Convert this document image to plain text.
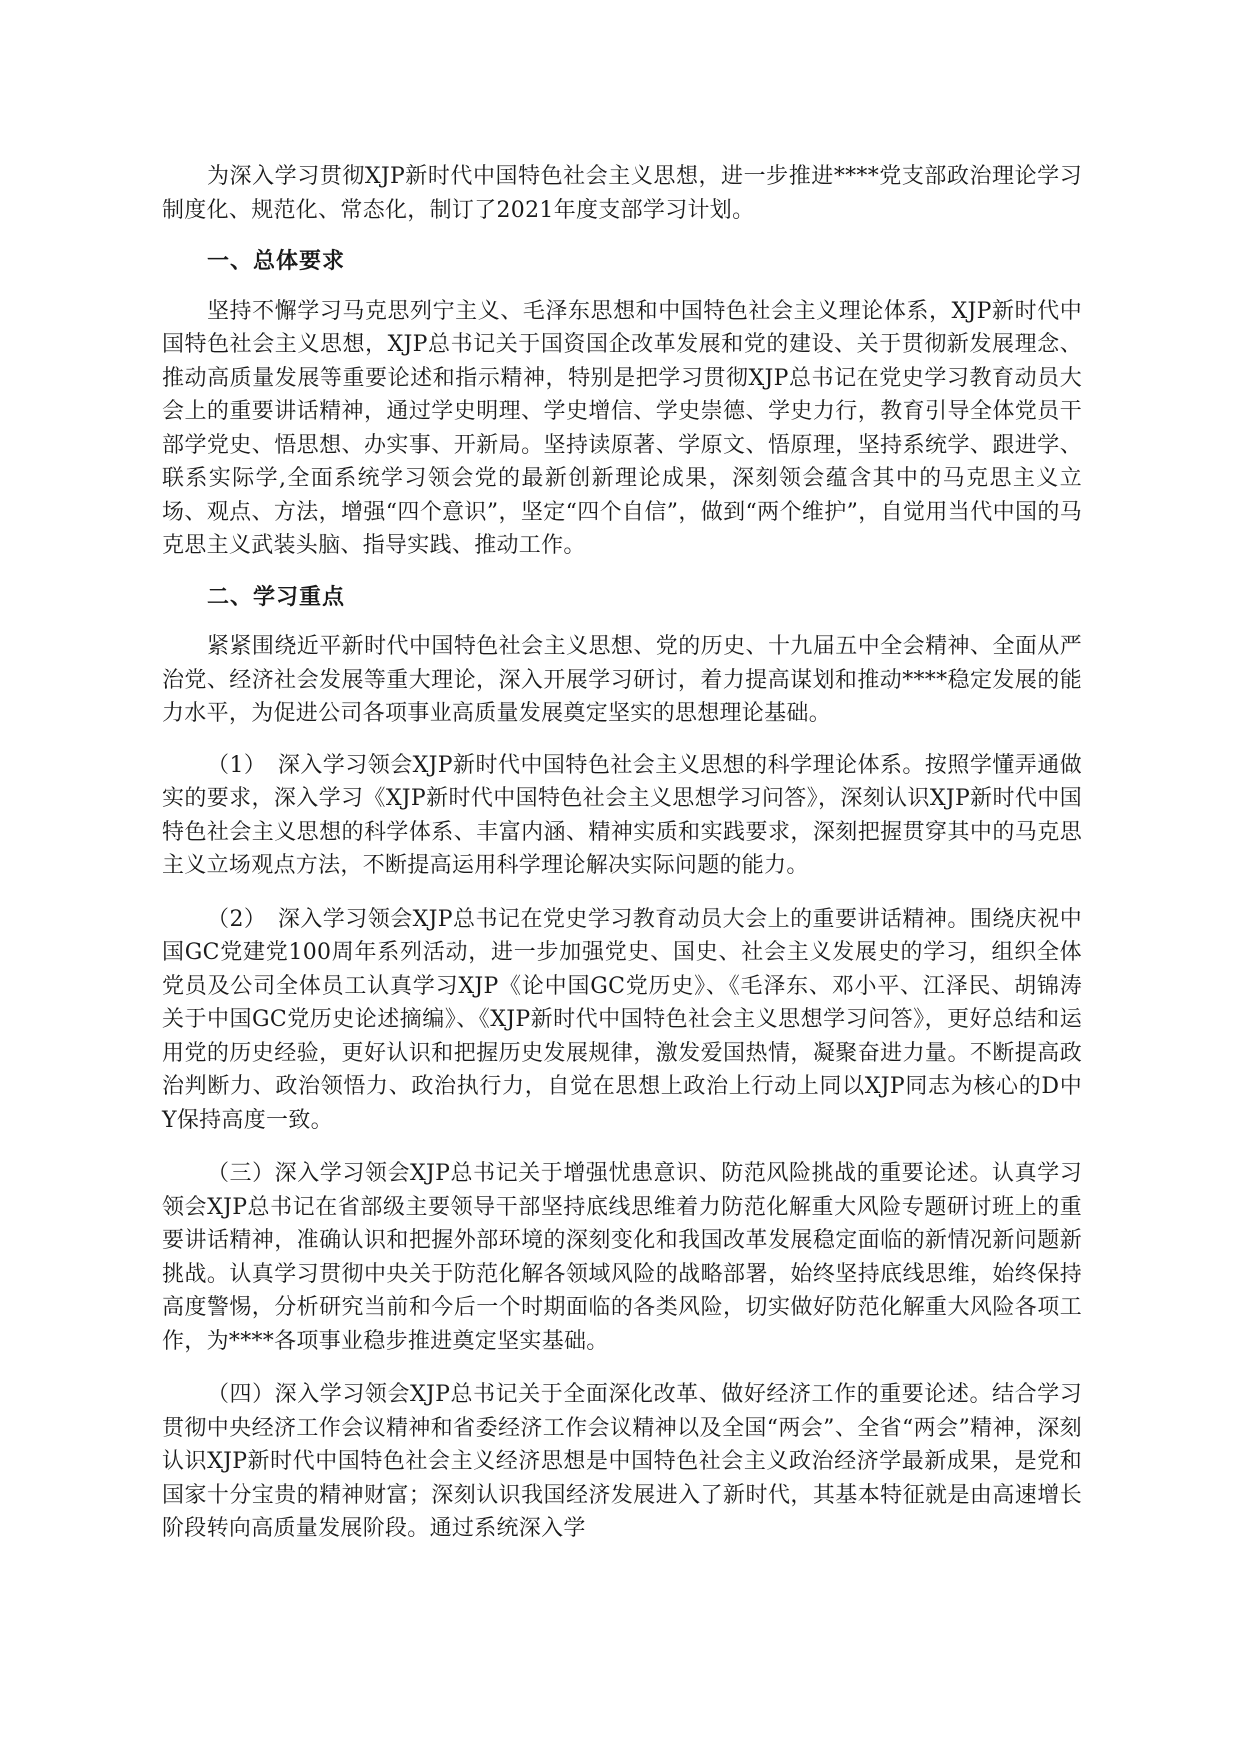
为深入学习贯彻XJP新时代中国特色社会主义思想，进一步推进****党支部政治理论学习制度化、规范化、常态化，制订了2021年度支部学习计划。

一、总体要求

坚持不懈学习马克思列宁主义、毛泽东思想和中国特色社会主义理论体系，XJP新时代中国特色社会主义思想，XJP总书记关于国资国企改革发展和党的建设、关于贯彻新发展理念、推动高质量发展等重要论述和指示精神，特别是把学习贯彻XJP总书记在党史学习教育动员大会上的重要讲话精神，通过学史明理、学史增信、学史崇德、学史力行，教育引导全体党员干部学党史、悟思想、办实事、开新局。坚持读原著、学原文、悟原理，坚持系统学、跟进学、联系实际学,全面系统学习领会党的最新创新理论成果，深刻领会蕴含其中的马克思主义立场、观点、方法，增强“四个意识”，坚定“四个自信”，做到“两个维护”，自觉用当代中国的马克思主义武装头脑、指导实践、推动工作。

二、学习重点

紧紧围绕近平新时代中国特色社会主义思想、党的历史、十九届五中全会精神、全面从严治党、经济社会发展等重大理论，深入开展学习研讨，着力提高谋划和推动****稳定发展的能力水平，为促进公司各项事业高质量发展奠定坚实的思想理论基础。

（1）　深入学习领会XJP新时代中国特色社会主义思想的科学理论体系。按照学懂弄通做实的要求，深入学习《XJP新时代中国特色社会主义思想学习问答》，深刻认识XJP新时代中国特色社会主义思想的科学体系、丰富内涵、精神实质和实践要求，深刻把握贯穿其中的马克思主义立场观点方法，不断提高运用科学理论解决实际问题的能力。

（2）　深入学习领会XJP总书记在党史学习教育动员大会上的重要讲话精神。围绕庆祝中国GC党建党100周年系列活动，进一步加强党史、国史、社会主义发展史的学习，组织全体党员及公司全体员工认真学习XJP《论中国GC党历史》、《毛泽东、邓小平、江泽民、胡锦涛关于中国GC党历史论述摘编》、《XJP新时代中国特色社会主义思想学习问答》，更好总结和运用党的历史经验，更好认识和把握历史发展规律，激发爱国热情，凝聚奋进力量。不断提高政治判断力、政治领悟力、政治执行力，自觉在思想上政治上行动上同以XJP同志为核心的D中Y保持高度一致。

（三）深入学习领会XJP总书记关于增强忧患意识、防范风险挑战的重要论述。认真学习领会XJP总书记在省部级主要领导干部坚持底线思维着力防范化解重大风险专题研讨班上的重要讲话精神，准确认识和把握外部环境的深刻变化和我国改革发展稳定面临的新情况新问题新挑战。认真学习贯彻中央关于防范化解各领域风险的战略部署，始终坚持底线思维，始终保持高度警惕，分析研究当前和今后一个时期面临的各类风险，切实做好防范化解重大风险各项工作，为****各项事业稳步推进奠定坚实基础。

（四）深入学习领会XJP总书记关于全面深化改革、做好经济工作的重要论述。结合学习贯彻中央经济工作会议精神和省委经济工作会议精神以及全国“两会”、全省“两会”精神，深刻认识XJP新时代中国特色社会主义经济思想是中国特色社会主义政治经济学最新成果，是党和国家十分宝贵的精神财富；深刻认识我国经济发展进入了新时代，其基本特征就是由高速增长阶段转向高质量发展阶段。通过系统深入学
